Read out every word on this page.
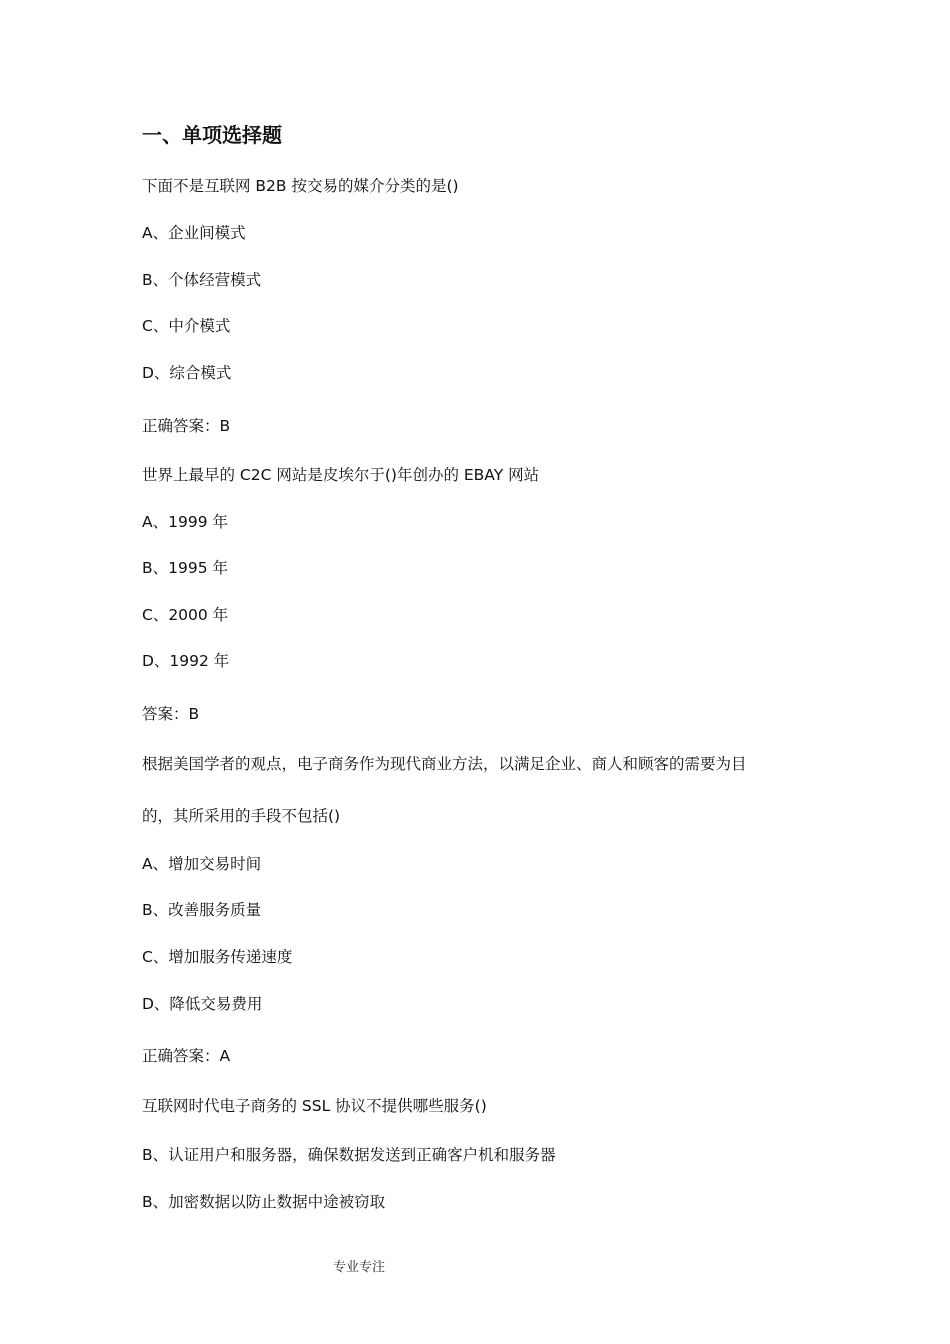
一、单项选择题
下面不是互联网 B2B 按交易的媒介分类的是()
A、企业间模式
B、个体经营模式
C、中介模式
D、综合模式
正确答案：B
世界上最早的 C2C 网站是皮埃尔于()年创办的 EBAY 网站
A、1999 年
B、1995 年
C、2000 年
D、1992 年
答案：B
根据美国学者的观点，电子商务作为现代商业方法，以满足企业、商人和顾客的需要为目
的，其所采用的手段不包括()
A、增加交易时间
B、改善服务质量
C、增加服务传递速度
D、降低交易费用
正确答案：A
互联网时代电子商务的 SSL 协议不提供哪些服务()
B、认证用户和服务器，确保数据发送到正确客户机和服务器
B、加密数据以防止数据中途被窃取
专业专注
